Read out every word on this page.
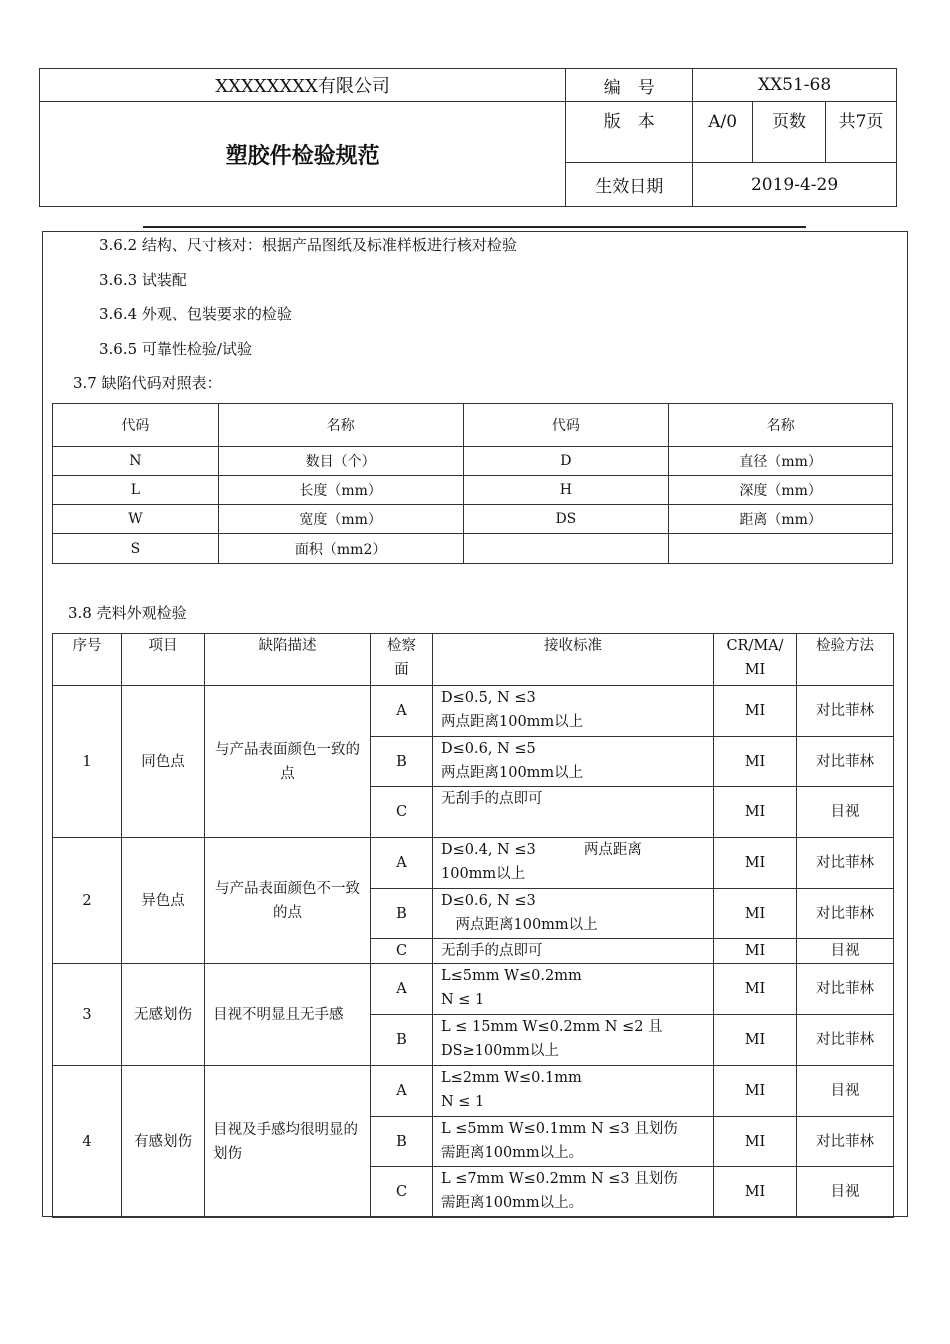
XXXXXXXX有限公司	编　号	XX51-68		
塑胶件检验规范	版　本	A/0	页数	共7页
	生效日期	2019-4-29		
3.6.2 结构、尺寸核对：根据产品图纸及标准样板进行核对检验
3.6.3 试装配
3.6.4 外观、包装要求的检验
3.6.5 可靠性检验/试验
3.7 缺陷代码对照表：
代码	名称	代码	名称
N	数目（个）	D	直径（mm）
L	长度（mm）	H	深度（mm）
W	宽度（mm）	DS	距离（mm）
S	面积（mm2）		
3.8 壳料外观检验
序号	项目	缺陷描述	检察面	接收标准	CR/MA/MI	检验方法
1	同色点	与产品表面颜色一致的点	A	D≤0.5, N ≤3
两点距离100mm以上	MI	对比菲林
			B	D≤0.6, N ≤5
两点距离100mm以上	MI	对比菲林
			C	无刮手的点即可	MI	目视
2	异色点	与产品表面颜色不一致的点	A	D≤0.4, N ≤3　　　 两点距离
100mm以上	MI	对比菲林
			B	D≤0.6, N ≤3
　两点距离100mm以上	MI	对比菲林
			C	无刮手的点即可	MI	目视
3	无感划伤	目视不明显且无手感	A	L≤5mm W≤0.2mm
N ≤ 1	MI	对比菲林
			B	L ≤ 15mm W≤0.2mm N ≤2 且
DS≥100mm以上	MI	对比菲林
4	有感划伤	目视及手感均很明显的划伤	A	L≤2mm W≤0.1mm
N ≤ 1	MI	目视
			B	L ≤5mm W≤0.1mm N ≤3 且划伤
需距离100mm以上。	MI	对比菲林
			C	L ≤7mm W≤0.2mm N ≤3 且划伤
需距离100mm以上。	MI	目视
